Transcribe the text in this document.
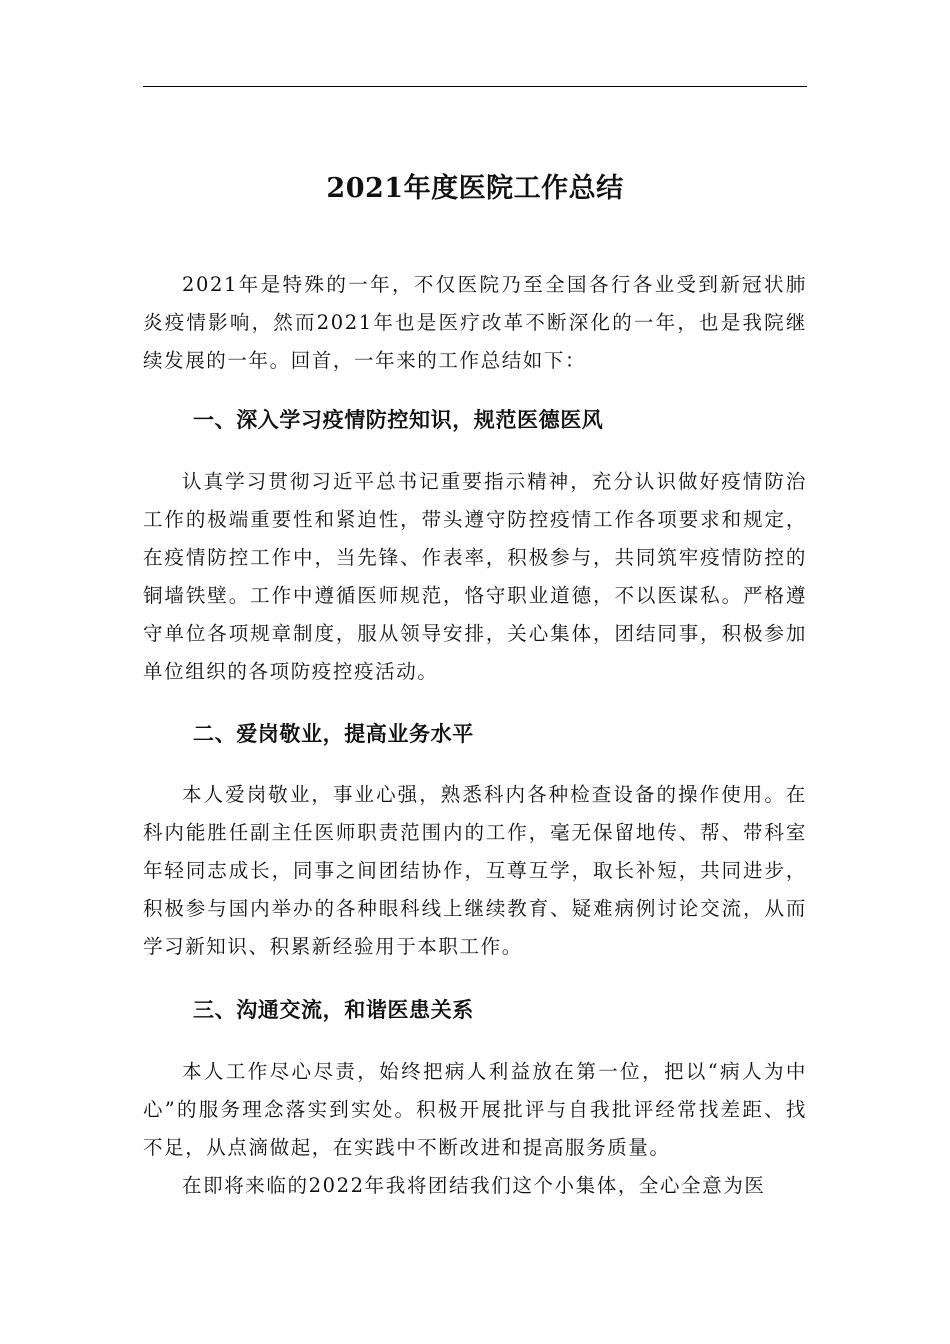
2021年度医院工作总结

2021年是特殊的一年，不仅医院乃至全国各行各业受到新冠状肺炎疫情影响，然而2021年也是医疗改革不断深化的一年，也是我院继续发展的一年。回首，一年来的工作总结如下：

一、深入学习疫情防控知识，规范医德医风

认真学习贯彻习近平总书记重要指示精神，充分认识做好疫情防治工作的极端重要性和紧迫性，带头遵守防控疫情工作各项要求和规定，在疫情防控工作中，当先锋、作表率，积极参与，共同筑牢疫情防控的铜墙铁壁。工作中遵循医师规范，恪守职业道德，不以医谋私。严格遵守单位各项规章制度，服从领导安排，关心集体，团结同事，积极参加单位组织的各项防疫控疫活动。

二、爱岗敬业，提高业务水平

本人爱岗敬业，事业心强，熟悉科内各种检查设备的操作使用。在科内能胜任副主任医师职责范围内的工作，毫无保留地传、帮、带科室年轻同志成长，同事之间团结协作，互尊互学，取长补短，共同进步，积极参与国内举办的各种眼科线上继续教育、疑难病例讨论交流，从而学习新知识、积累新经验用于本职工作。

三、沟通交流，和谐医患关系

本人工作尽心尽责，始终把病人利益放在第一位，把以“病人为中心”的服务理念落实到实处。积极开展批评与自我批评经常找差距、找不足，从点滴做起，在实践中不断改进和提高服务质量。

在即将来临的2022年我将团结我们这个小集体，全心全意为医
